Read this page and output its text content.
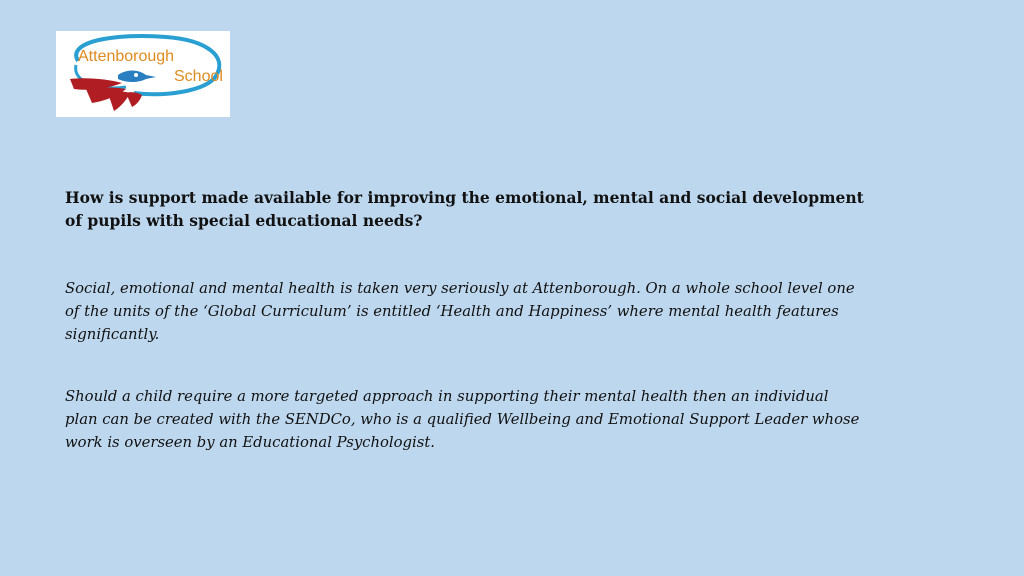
Attenborough
School

How is support made available for improving the emotional, mental and social development of pupils with special educational needs?

Social, emotional and mental health is taken very seriously at Attenborough. On a whole school level one of the units of the ‘Global Curriculum’ is entitled ‘Health and Happiness’ where mental health features significantly.

Should a child require a more targeted approach in supporting their mental health then an individual plan can be created with the SENDCo, who is a qualified Wellbeing and Emotional Support Leader whose work is overseen by an Educational Psychologist.
